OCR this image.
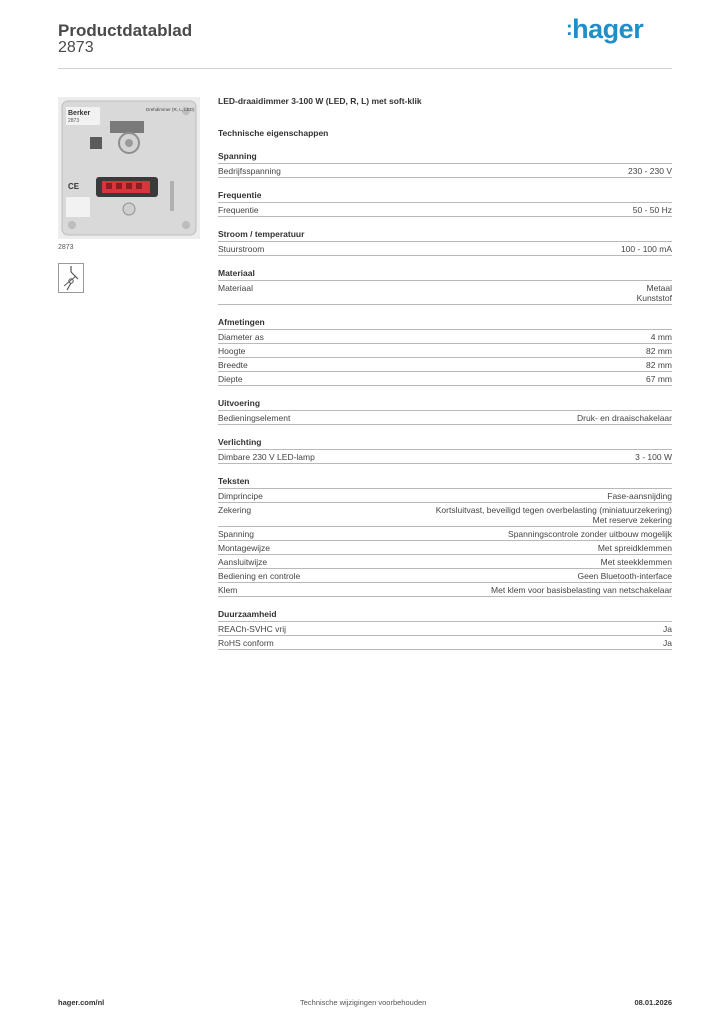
Productdatablad
2873
:hager
Berker
2873
Drehdimmer (R, L, LED)
CE
2873
LED-draaidimmer 3-100 W (LED, R, L) met soft-klik
Technische eigenschappen
Spanning
Bedrijfsspanning	230 - 230 V
Frequentie
Frequentie	50 - 50 Hz
Stroom / temperatuur
Stuurstroom	100 - 100 mA
Materiaal
Materiaal	Metaal
Kunststof
Afmetingen
Diameter as	4 mm
Hoogte	82 mm
Breedte	82 mm
Diepte	67 mm
Uitvoering
Bedieningselement	Druk- en draaischakelaar
Verlichting
Dimbare 230 V LED-lamp	3 - 100 W
Teksten
Dimprincipe	Fase-aansnijding
Zekering	Kortsluitvast, beveiligd tegen overbelasting (miniatuurzekering)
Met reserve zekering
Spanning	Spanningscontrole zonder uitbouw mogelijk
Montagewijze	Met spreidklemmen
Aansluitwijze	Met steekklemmen
Bediening en controle	Geen Bluetooth-interface
Klem	Met klem voor basisbelasting van netschakelaar
Duurzaamheid
REACh-SVHC vrij	Ja
RoHS conform	Ja
hager.com/nl	Technische wijzigingen voorbehouden	08.01.2026
